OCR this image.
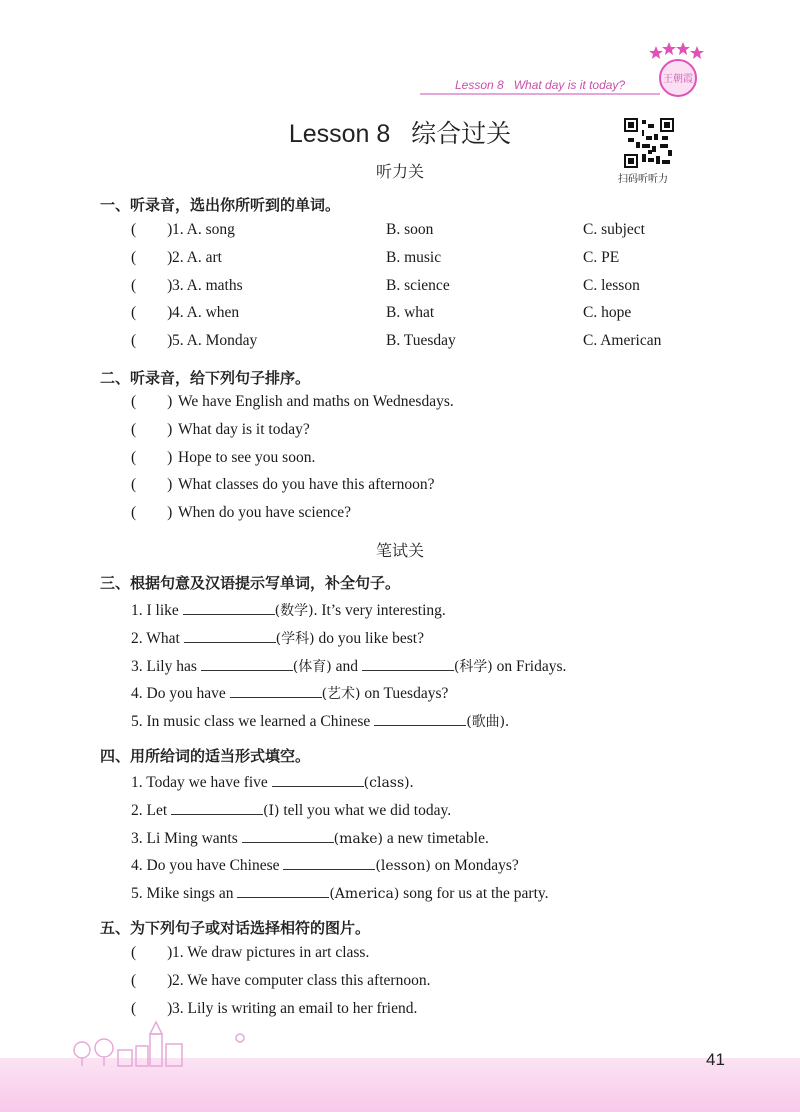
王朝霞
Lesson 8   What day is it today?
Lesson 8   综合过关
扫码听听力
听力关
一、听录音，选出你所听到的单词。
(        ) 1. A. song	B. soon	C. subject
(        ) 2. A. art	B. music	C. PE
(        ) 3. A. maths	B. science	C. lesson
(        ) 4. A. when	B. what	C. hope
(        ) 5. A. Monday	B. Tuesday	C. American
二、听录音，给下列句子排序。
(        ) We have English and maths on Wednesdays.
(        ) What day is it today?
(        ) Hope to see you soon.
(        ) What classes do you have this afternoon?
(        ) When do you have science?
笔试关
三、根据句意及汉语提示写单词，补全句子。
1. I like	(数学). It’s very interesting.
2. What	(学科) do you like best?
3. Lily has	(体育) and	(科学) on Fridays.
4. Do you have	(艺术) on Tuesdays?
5. In music class we learned a Chinese	(歌曲).
四、用所给词的适当形式填空。
1. Today we have five	(class).
2. Let	(I) tell you what we did today.
3. Li Ming wants	(make) a new timetable.
4. Do you have Chinese	(lesson) on Mondays?
5. Mike sings an	(America) song for us at the party.
五、为下列句子或对话选择相符的图片。
(        ) 1. We draw pictures in art class.
(        ) 2. We have computer class this afternoon.
(        ) 3. Lily is writing an email to her friend.
41
